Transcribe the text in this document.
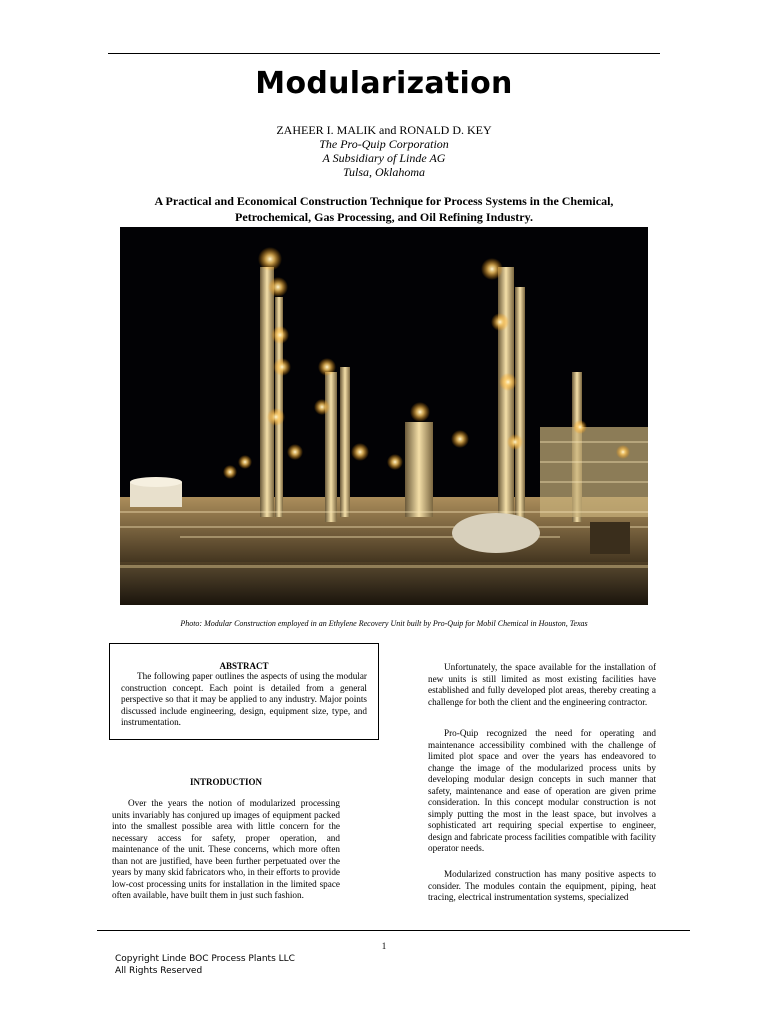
Modularization
ZAHEER I. MALIK and RONALD D. KEY
The Pro-Quip Corporation
A Subsidiary of Linde AG
Tulsa, Oklahoma
A Practical and Economical Construction Technique for Process Systems in the Chemical, Petrochemical, Gas Processing, and Oil Refining Industry.
Photo: Modular Construction employed in an Ethylene Recovery Unit built by Pro-Quip for Mobil Chemical in Houston, Texas
ABSTRACT
The following paper outlines the aspects of using the modular construction concept. Each point is detailed from a general perspective so that it may be applied to any industry. Major points discussed include engineering, design, equipment size, type, and instrumentation.
INTRODUCTION
Over the years the notion of modularized processing units invariably has conjured up images of equipment packed into the smallest possible area with little concern for the necessary access for safety, proper operation, and maintenance of the unit. These concerns, which more often than not are justified, have been further perpetuated over the years by many skid fabricators who, in their efforts to provide low-cost processing units for installation in the limited space often available, have built them in just such fashion.
Unfortunately, the space available for the installation of new units is still limited as most existing facilities have established and fully developed plot areas, thereby creating a challenge for both the client and the engineering contractor.
Pro-Quip recognized the need for operating and maintenance accessibility combined with the challenge of limited plot space and over the years has endeavored to change the image of the modularized process units by developing modular design concepts in such manner that safety, maintenance and ease of operation are given prime consideration. In this concept modular construction is not simply putting the most in the least space, but involves a sophisticated art requiring special expertise to engineer, design and fabricate process facilities compatible with facility operator needs.
Modularized construction has many positive aspects to consider. The modules contain the equipment, piping, heat tracing, electrical instrumentation systems, specialized
1
Copyright Linde BOC Process Plants LLC
All Rights Reserved
